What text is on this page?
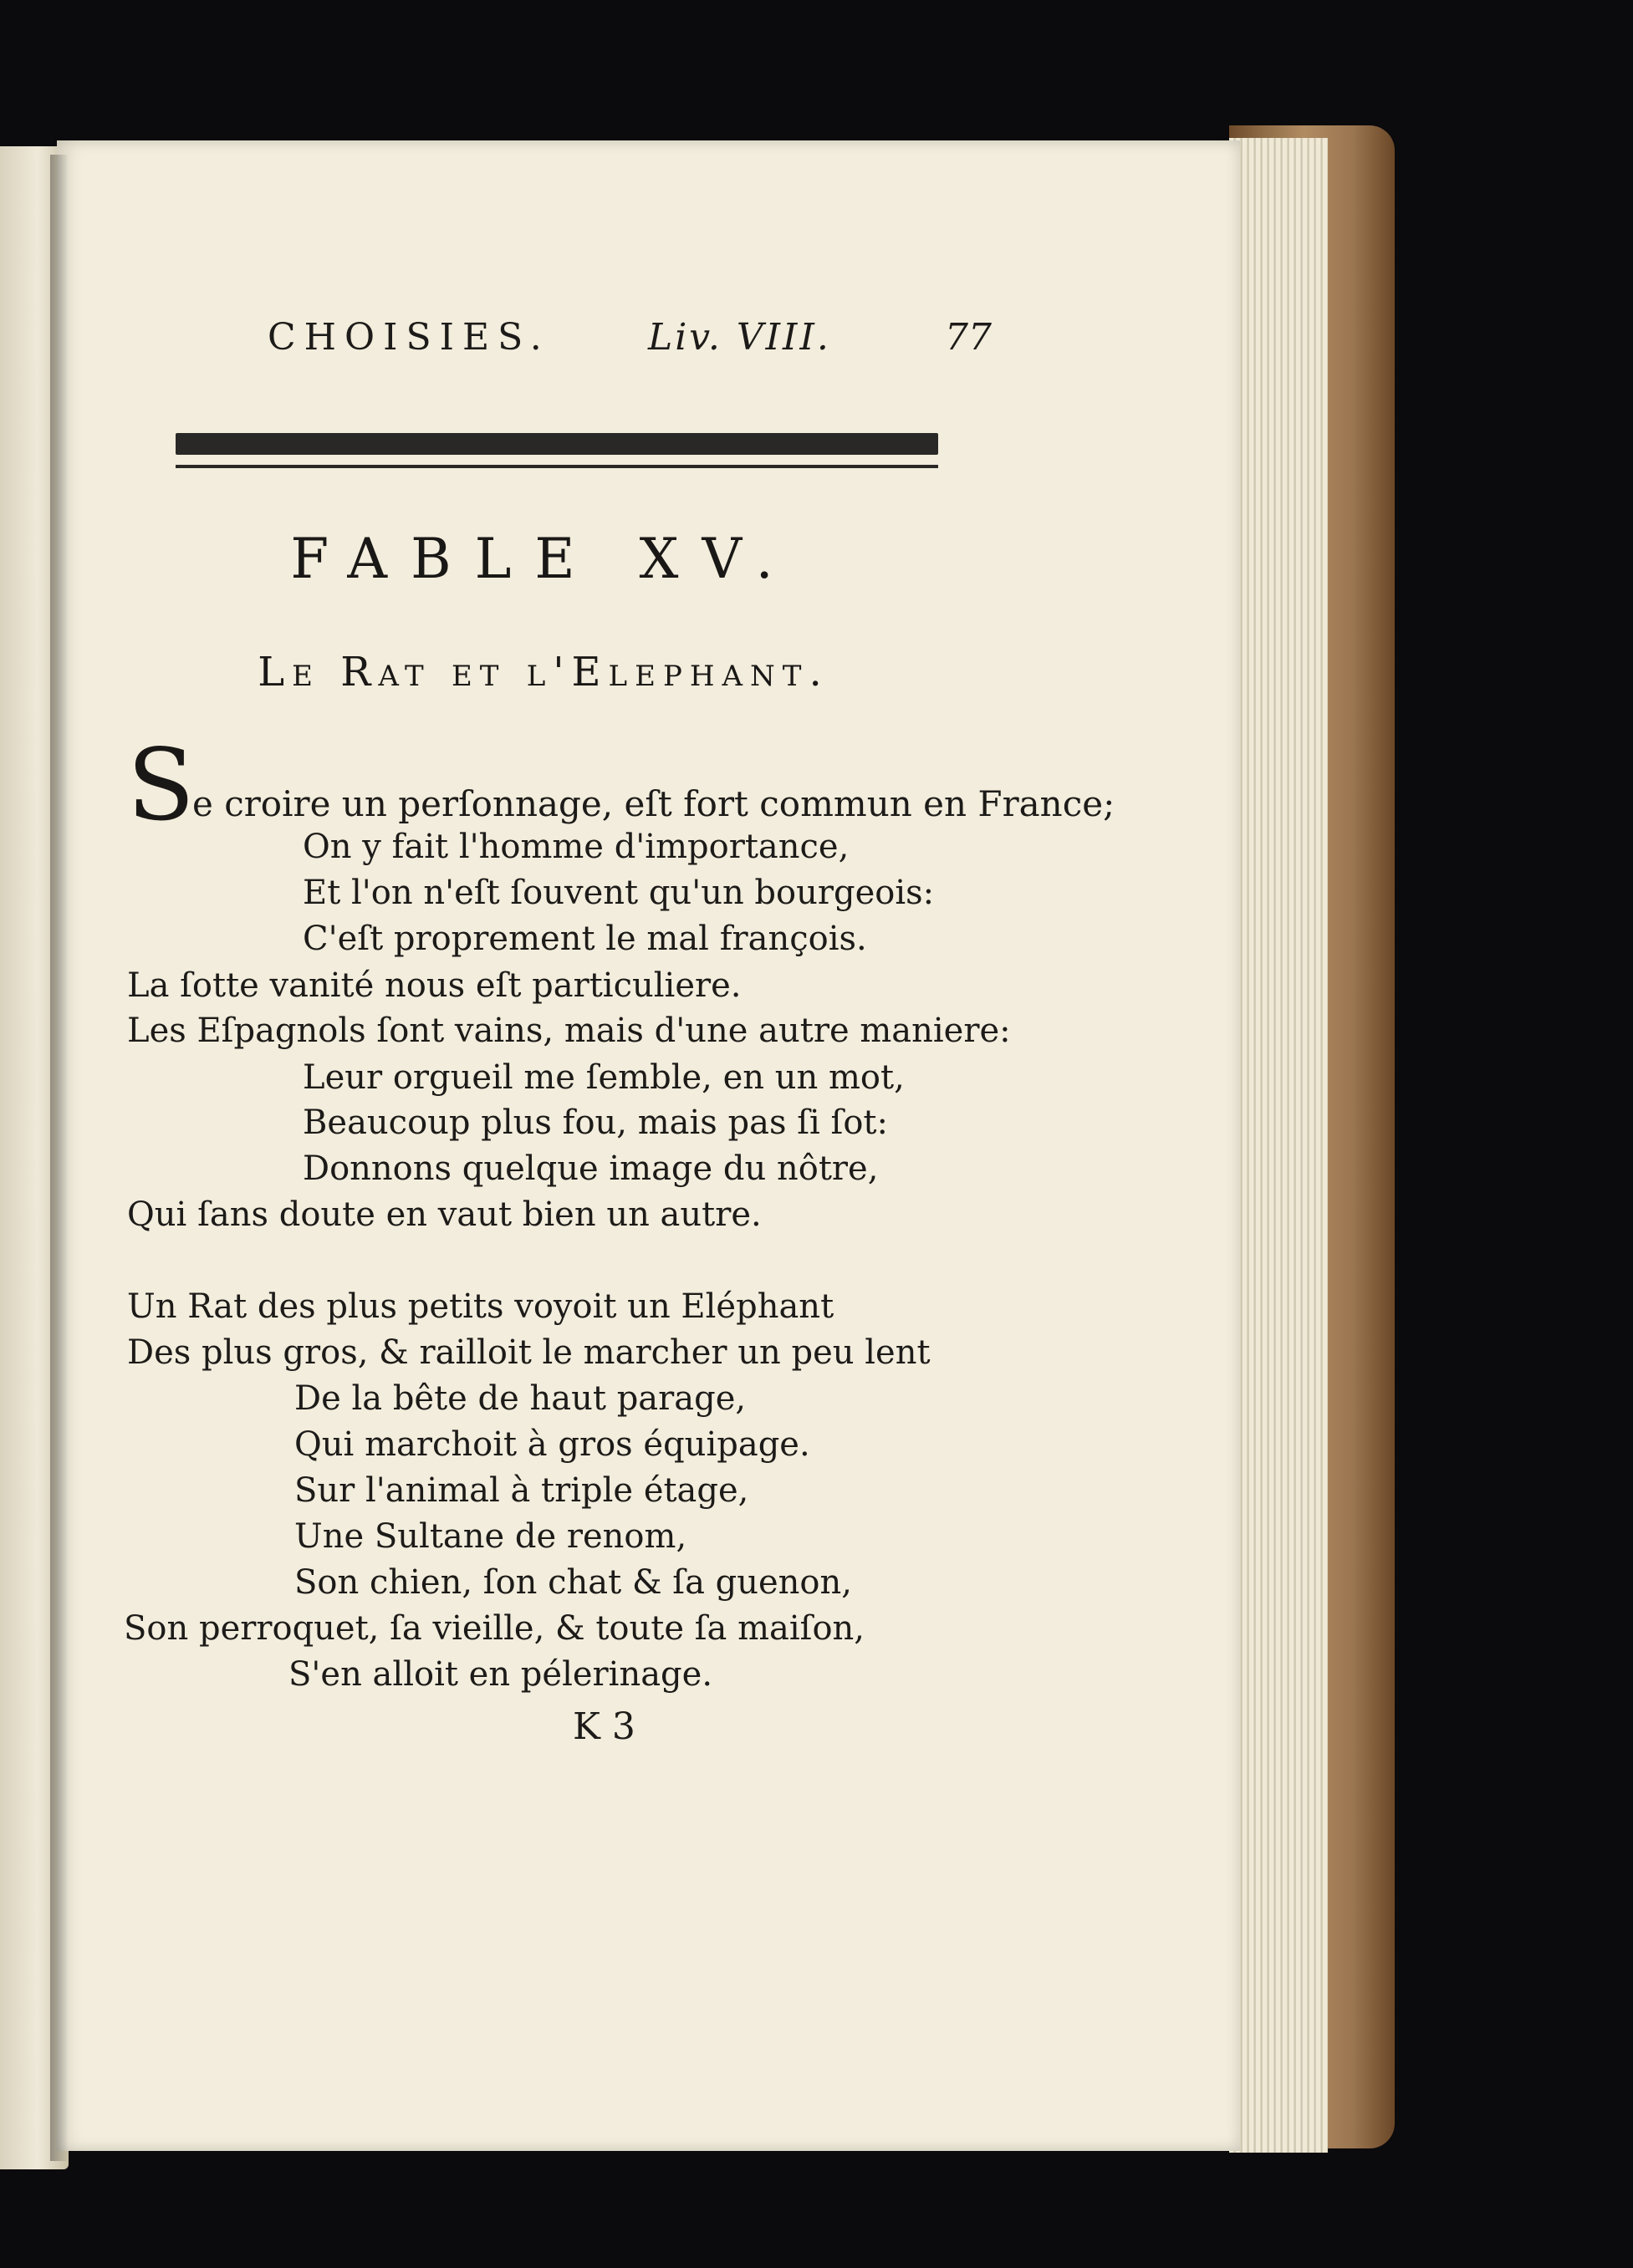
CHOISIES.	Liv. VIII.	77
FABLE XV.
Le Rat et l'Elephant.
S
e croire un perſonnage, eſt fort commun en France;
On y fait l'homme d'importance,
Et l'on n'eſt ſouvent qu'un bourgeois:
C'eſt proprement le mal françois.
La ſotte vanité nous eſt particuliere.
Les Eſpagnols ſont vains, mais d'une autre maniere:
Leur orgueil me ſemble, en un mot,
Beaucoup plus fou, mais pas ſi ſot:
Donnons quelque image du nôtre,
Qui ſans doute en vaut bien un autre.
Un Rat des plus petits voyoit un Eléphant
Des plus gros, & railloit le marcher un peu lent
De la bête de haut parage,
Qui marchoit à gros équipage.
Sur l'animal à triple étage,
Une Sultane de renom,
Son chien, ſon chat & ſa guenon,
Son perroquet, ſa vieille, & toute ſa maiſon,
S'en alloit en pélerinage.
K 3
